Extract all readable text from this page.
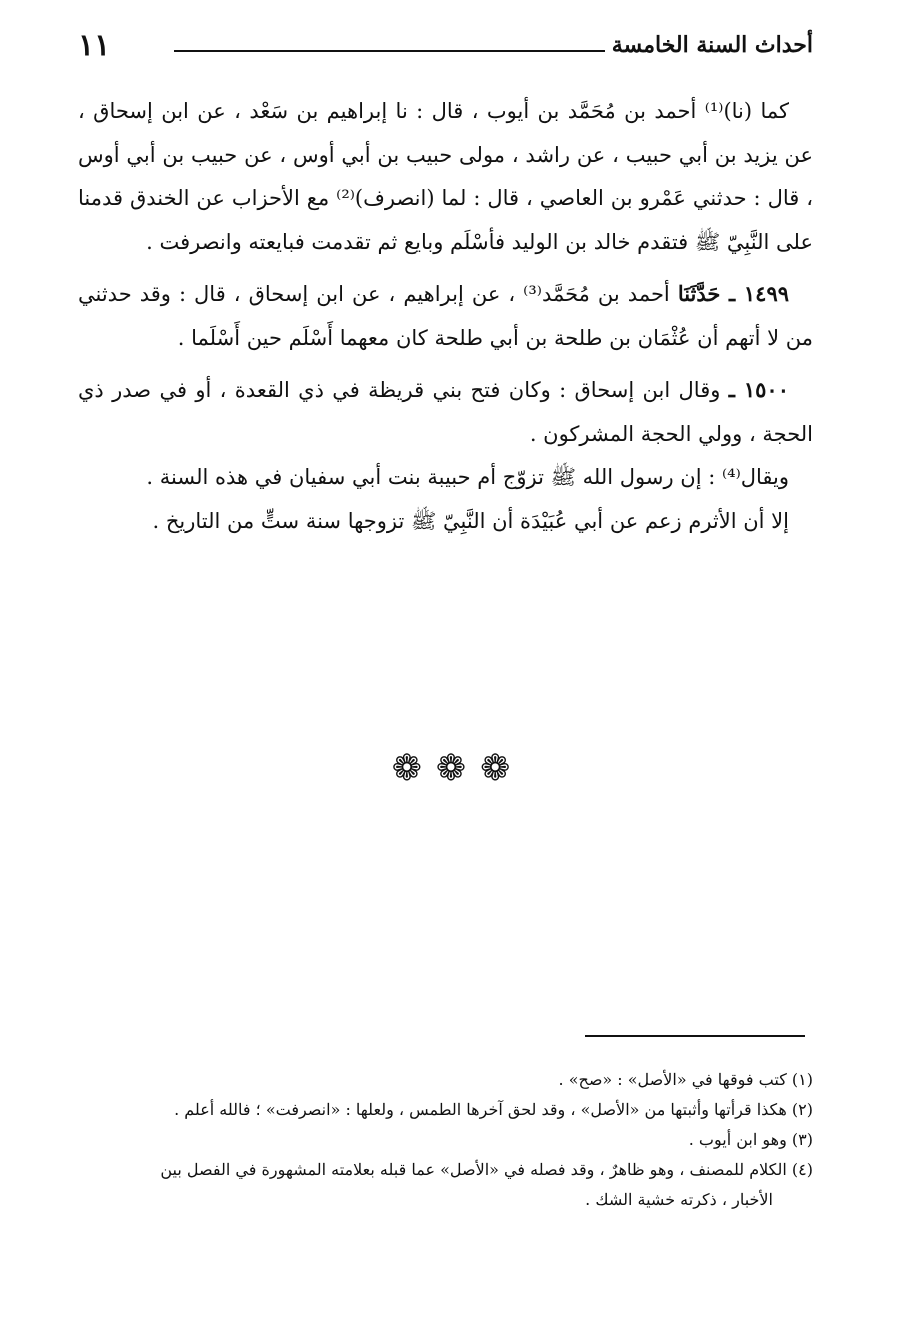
١١	أحداث السنة الخامسة

كما (نا)⁽¹⁾ أحمد بن مُحَمَّد بن أيوب ، قال : نا إبراهيم بن سَعْد ، عن ابن إسحاق ، عن يزيد بن أبي حبيب ، عن راشد ، مولى حبيب بن أبي أوس ، عن حبيب بن أبي أوس ، قال : حدثني عَمْرو بن العاصي ، قال : لما (انصرف)⁽²⁾ مع الأحزاب عن الخندق قدمنا على النَّبِيّ ﷺ فتقدم خالد بن الوليد فأسْلَم وبايع ثم تقدمت فبايعته وانصرفت .

١٤٩٩ ـ حَدَّثَنَا أحمد بن مُحَمَّد⁽³⁾ ، عن إبراهيم ، عن ابن إسحاق ، قال : وقد حدثني من لا أتهم أن عُثْمَان بن طلحة بن أبي طلحة كان معهما أَسْلَم حين أَسْلَما .

١٥٠٠ ـ وقال ابن إسحاق : وكان فتح بني قريظة في ذي القعدة ، أو في صدر ذي الحجة ، وولي الحجة المشركون .

ويقال⁽⁴⁾ : إن رسول الله ﷺ تزوّج أم حبيبة بنت أبي سفيان في هذه السنة .

إلا أن الأثرم زعم عن أبي عُبَيْدَة أن النَّبِيّ ﷺ تزوجها سنة ستٍّ من التاريخ .

❁❁❁

(١) كتب فوقها في «الأصل» : «صح» .

(٢) هكذا قرأتها وأثبتها من «الأصل» ، وقد لحق آخرها الطمس ، ولعلها : «انصرفت» ؛ فالله أعلم .

(٣) وهو ابن أيوب .

(٤) الكلام للمصنف ، وهو ظاهرٌ ، وقد فصله في «الأصل» عما قبله بعلامته المشهورة في الفصل بين

الأخبار ، ذكرته خشية الشك .
